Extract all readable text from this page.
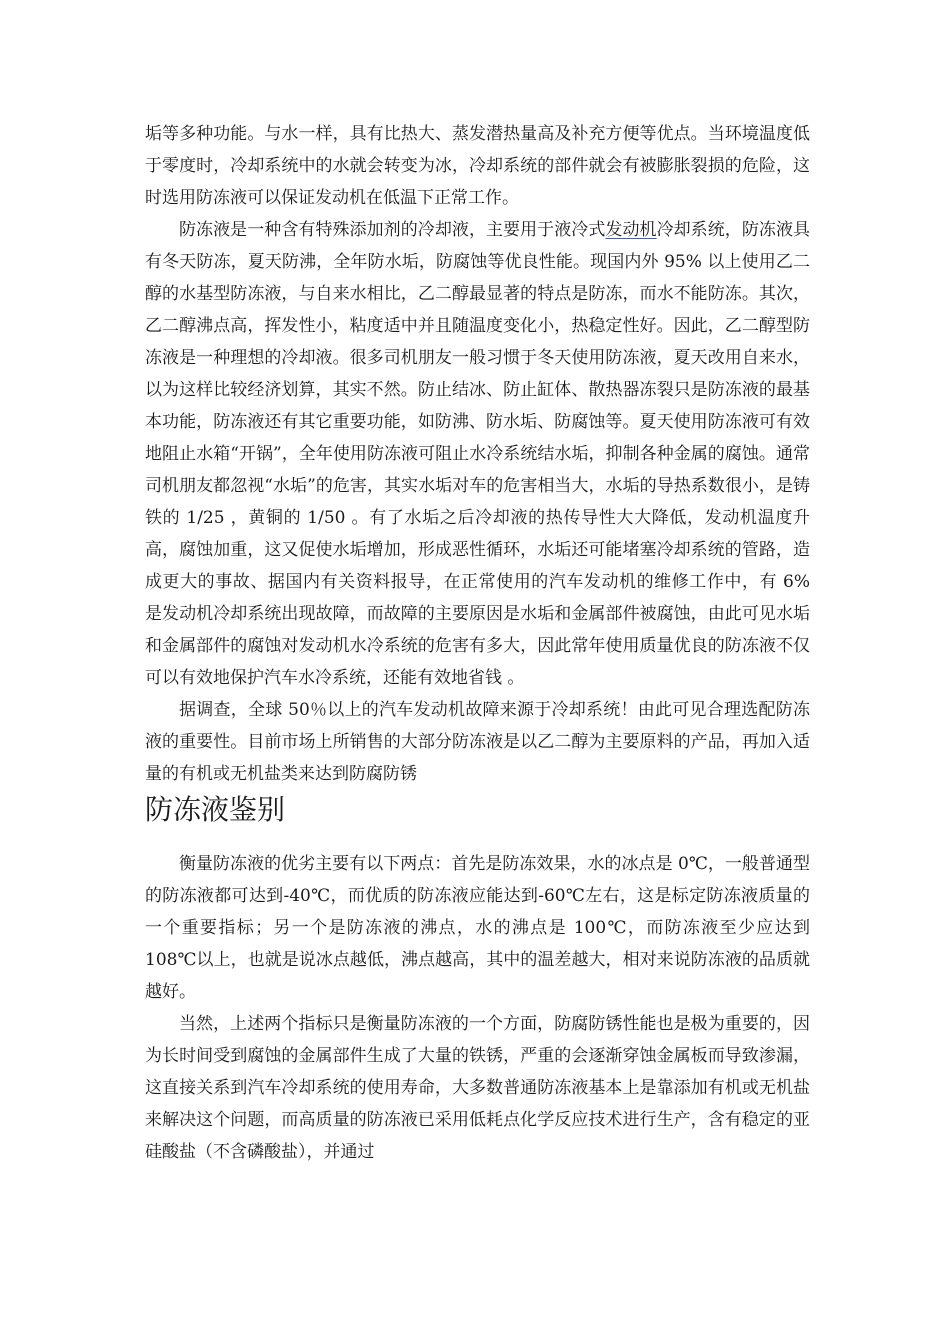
垢等多种功能。与水一样，具有比热大、蒸发潜热量高及补充方便等优点。当环境温度低于零度时，冷却系统中的水就会转变为冰，冷却系统的部件就会有被膨胀裂损的危险，这时选用防冻液可以保证发动机在低温下正常工作。

防冻液是一种含有特殊添加剂的冷却液，主要用于液冷式发动机冷却系统，防冻液具有冬天防冻，夏天防沸，全年防水垢，防腐蚀等优良性能。现国内外 95% 以上使用乙二醇的水基型防冻液，与自来水相比，乙二醇最显著的特点是防冻，而水不能防冻。其次，乙二醇沸点高，挥发性小，粘度适中并且随温度变化小，热稳定性好。因此，乙二醇型防冻液是一种理想的冷却液。很多司机朋友一般习惯于冬天使用防冻液，夏天改用自来水，以为这样比较经济划算，其实不然。防止结冰、防止缸体、散热器冻裂只是防冻液的最基本功能，防冻液还有其它重要功能，如防沸、防水垢、防腐蚀等。夏天使用防冻液可有效地阻止水箱“开锅”，全年使用防冻液可阻止水冷系统结水垢，抑制各种金属的腐蚀。通常司机朋友都忽视“水垢”的危害，其实水垢对车的危害相当大，水垢的导热系数很小，是铸铁的 1/25 ，黄铜的 1/50 。有了水垢之后冷却液的热传导性大大降低，发动机温度升高，腐蚀加重，这又促使水垢增加，形成恶性循环，水垢还可能堵塞冷却系统的管路，造成更大的事故、据国内有关资料报导，在正常使用的汽车发动机的维修工作中，有 6% 是发动机冷却系统出现故障，而故障的主要原因是水垢和金属部件被腐蚀，由此可见水垢和金属部件的腐蚀对发动机水冷系统的危害有多大，因此常年使用质量优良的防冻液不仅可以有效地保护汽车水冷系统，还能有效地省钱 。

据调查，全球 50％以上的汽车发动机故障来源于冷却系统！由此可见合理选配防冻液的重要性。目前市场上所销售的大部分防冻液是以乙二醇为主要原料的产品，再加入适量的有机或无机盐类来达到防腐防锈

防冻液鉴别

衡量防冻液的优劣主要有以下两点：首先是防冻效果，水的冰点是 0℃，一般普通型的防冻液都可达到-40℃，而优质的防冻液应能达到-60℃左右，这是标定防冻液质量的一个重要指标；另一个是防冻液的沸点，水的沸点是 100℃，而防冻液至少应达到 108℃以上，也就是说冰点越低，沸点越高，其中的温差越大，相对来说防冻液的品质就越好。

当然，上述两个指标只是衡量防冻液的一个方面，防腐防锈性能也是极为重要的，因为长时间受到腐蚀的金属部件生成了大量的铁锈，严重的会逐渐穿蚀金属板而导致渗漏，这直接关系到汽车冷却系统的使用寿命，大多数普通防冻液基本上是靠添加有机或无机盐来解决这个问题，而高质量的防冻液已采用低耗点化学反应技术进行生产，含有稳定的亚硅酸盐（不含磷酸盐），并通过
